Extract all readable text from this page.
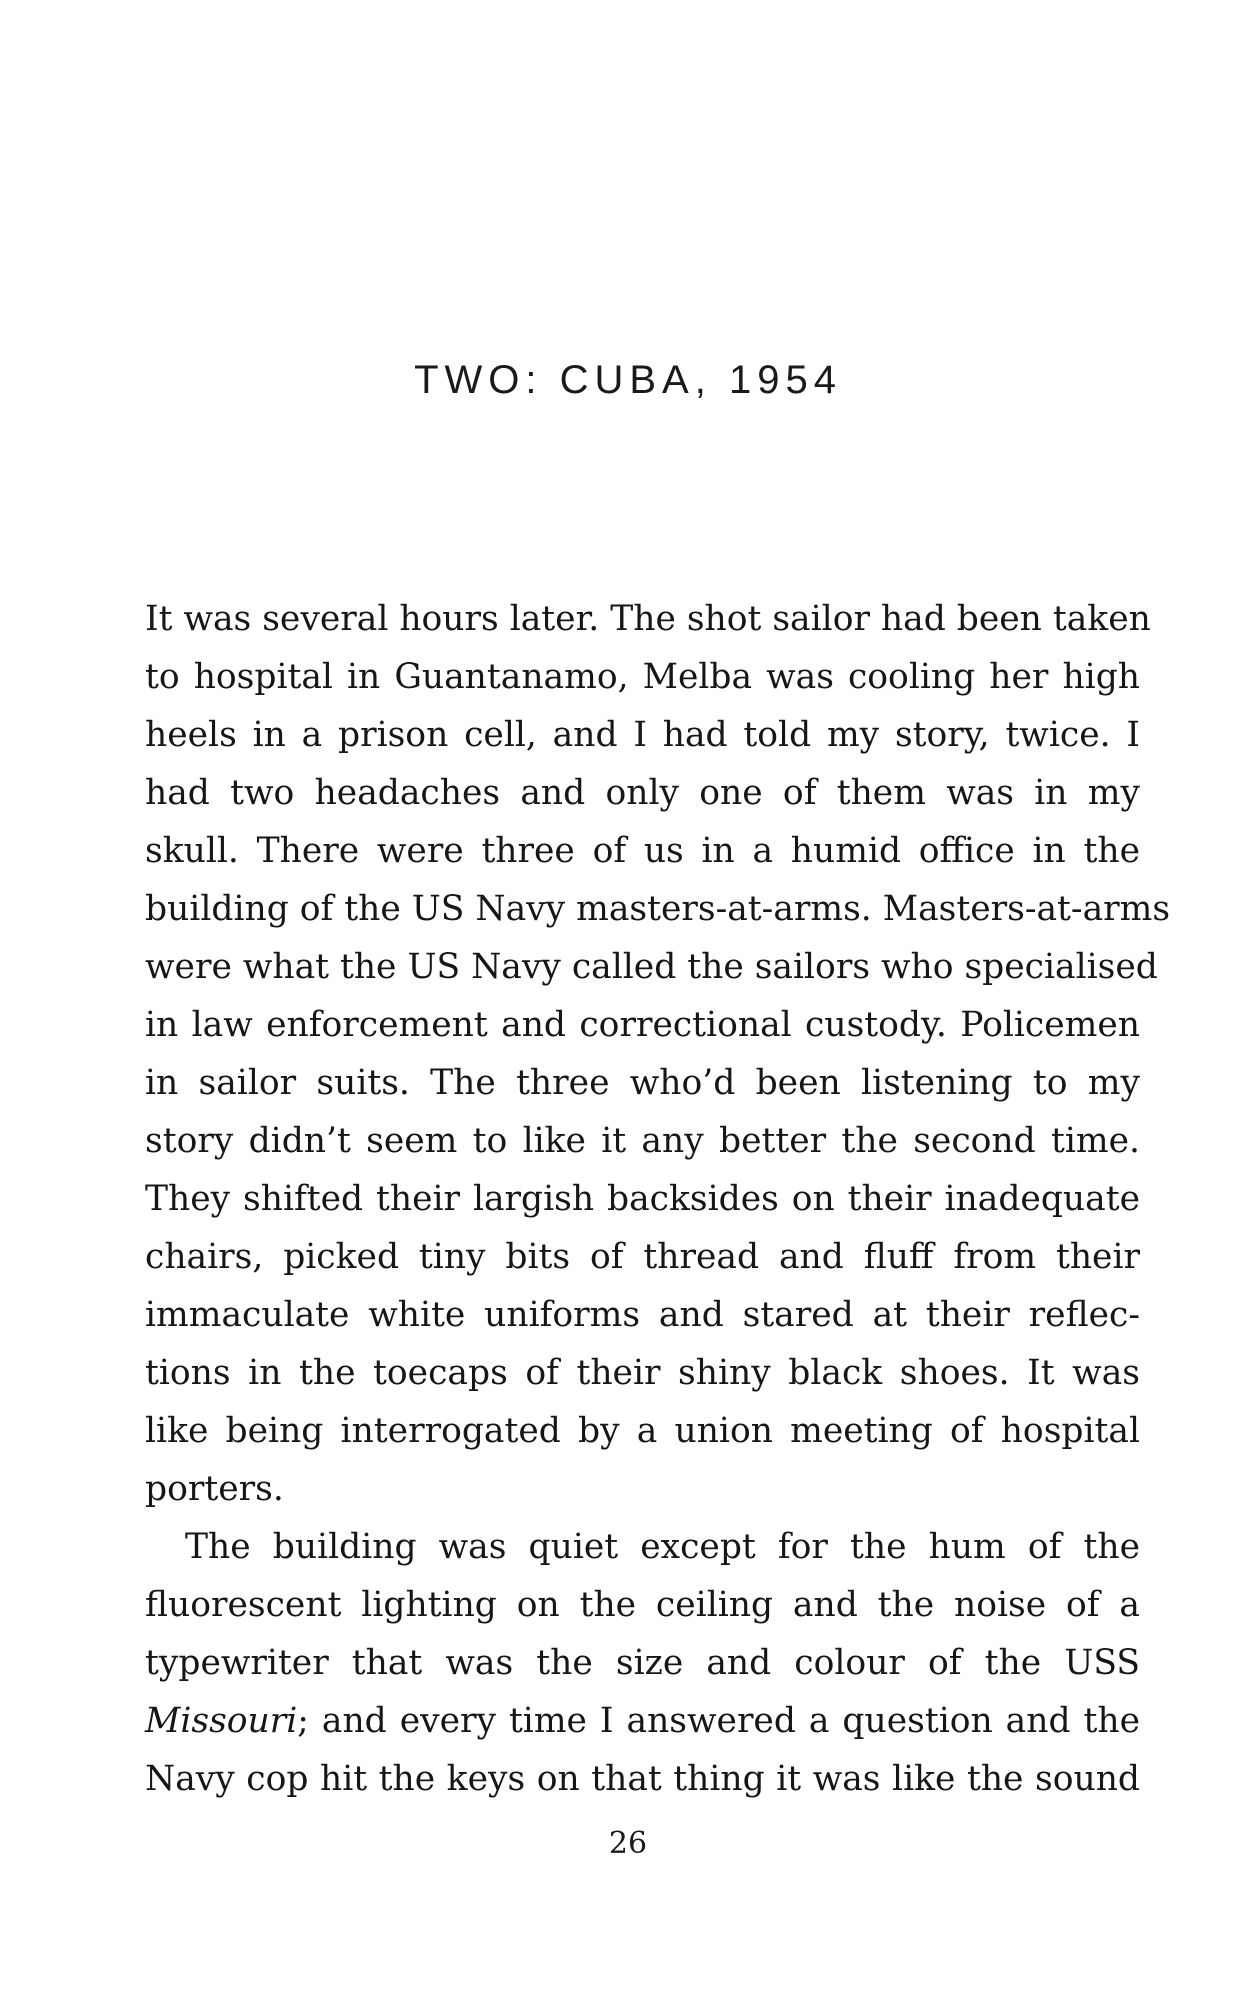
TWO: CUBA, 1954
It was several hours later. The shot sailor had been taken
to hospital in Guantanamo, Melba was cooling her high
heels in a prison cell, and I had told my story, twice. I
had two headaches and only one of them was in my
skull. There were three of us in a humid office in the
building of the US Navy masters-at-arms. Masters-at-arms
were what the US Navy called the sailors who specialised
in law enforcement and correctional custody. Policemen
in sailor suits. The three who’d been listening to my
story didn’t seem to like it any better the second time.
They shifted their largish backsides on their inadequate
chairs, picked tiny bits of thread and fluff from their
immaculate white uniforms and stared at their reflec-
tions in the toecaps of their shiny black shoes. It was
like being interrogated by a union meeting of hospital
porters.
The building was quiet except for the hum of the
fluorescent lighting on the ceiling and the noise of a
typewriter that was the size and colour of the USS
Missouri; and every time I answered a question and the
Navy cop hit the keys on that thing it was like the sound
26
